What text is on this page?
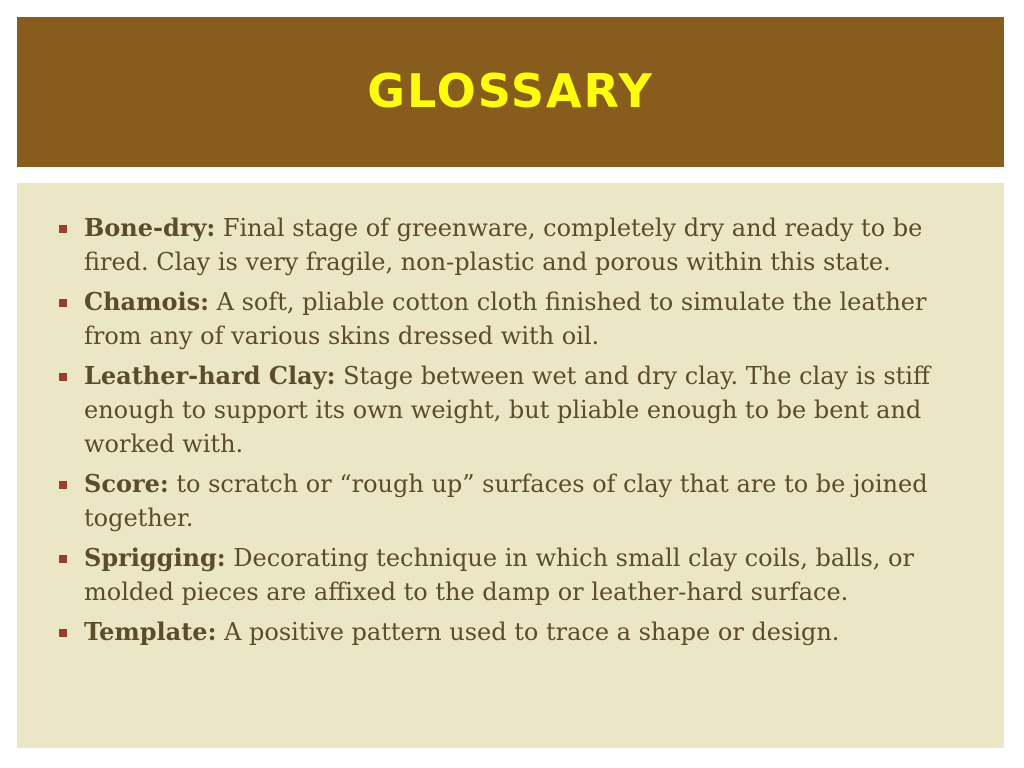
GLOSSARY
Bone-dry: Final stage of greenware, completely dry and ready to be fired. Clay is very fragile, non-plastic and porous within this state.
Chamois: A soft, pliable cotton cloth finished to simulate the leather from any of various skins dressed with oil.
Leather-hard Clay: Stage between wet and dry clay. The clay is stiff enough to support its own weight, but pliable enough to be bent and worked with.
Score: to scratch or “rough up” surfaces of clay that are to be joined together.
Sprigging: Decorating technique in which small clay coils, balls, or molded pieces are affixed to the damp or leather-hard surface.
Template: A positive pattern used to trace a shape or design.
